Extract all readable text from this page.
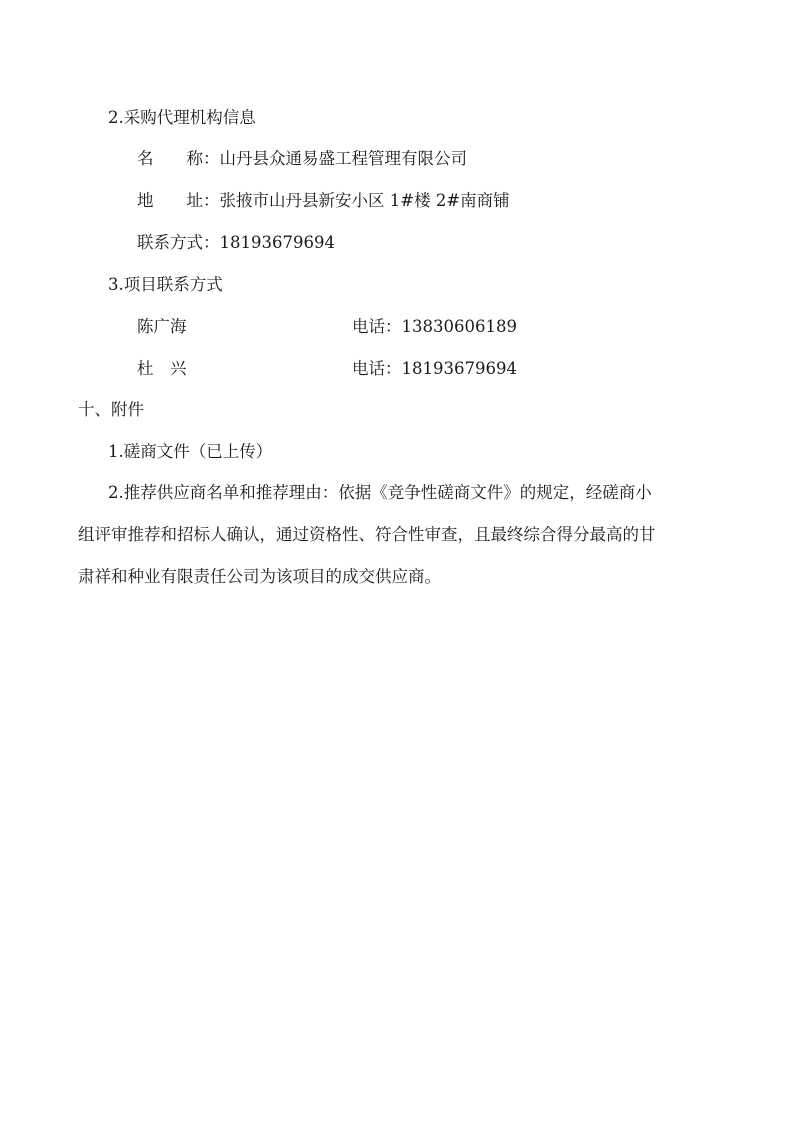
2.采购代理机构信息
名　　称：山丹县众通易盛工程管理有限公司
地　　址：张掖市山丹县新安小区 1#楼 2#南商铺
联系方式：18193679694
3.项目联系方式
陈广海	电话：13830606189
杜　兴	电话：18193679694
十、附件
1.磋商文件（已上传）
2.推荐供应商名单和推荐理由：依据《竞争性磋商文件》的规定，经磋商小
组评审推荐和招标人确认，通过资格性、符合性审查，且最终综合得分最高的甘
肃祥和种业有限责任公司为该项目的成交供应商。
